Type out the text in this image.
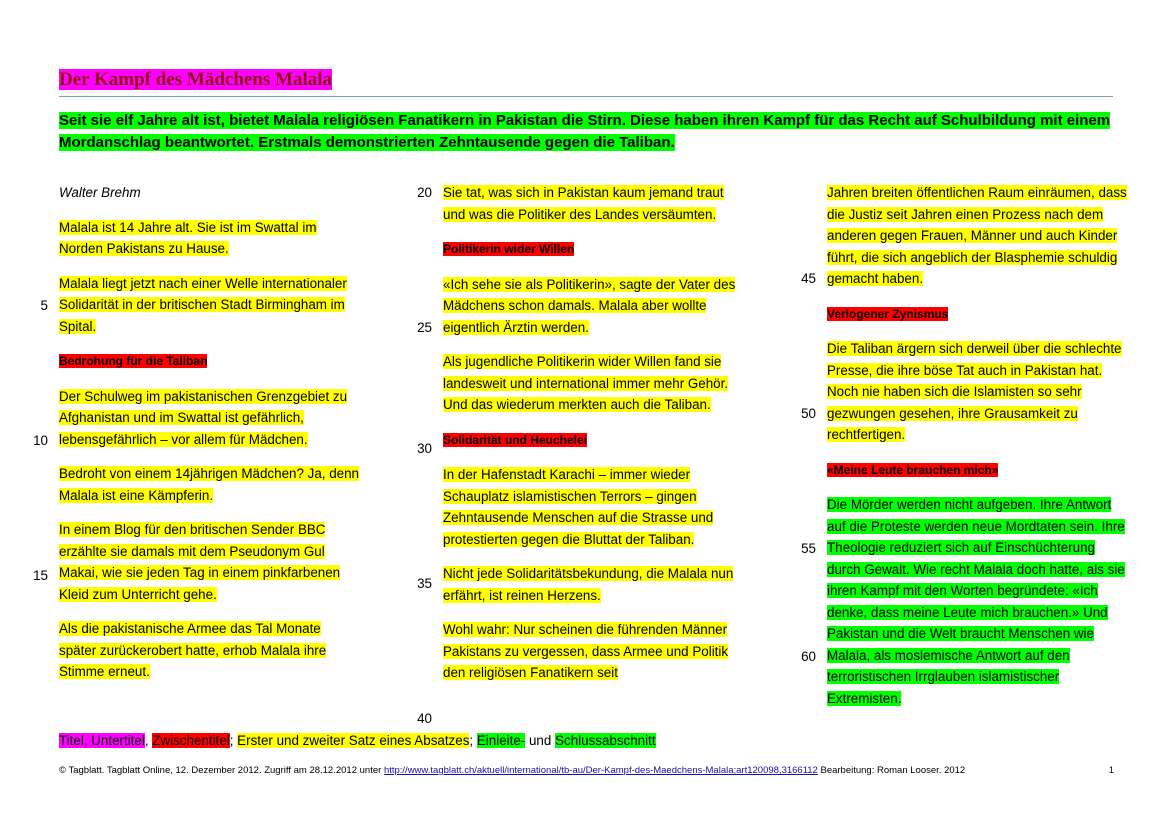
Der Kampf des Mädchens Malala
Seit sie elf Jahre alt ist, bietet Malala religiösen Fanatikern in Pakistan die Stirn. Diese haben ihren Kampf für das Recht auf Schulbildung mit einem Mordanschlag beantwortet. Erstmals demonstrierten Zehntausende gegen die Taliban.

Walter Brehm

Malala ist 14 Jahre alt. Sie ist im Swattal im Norden Pakistans zu Hause.

Malala liegt jetzt nach einer Welle internationaler Solidarität in der britischen Stadt Birmingham im Spital.

Bedrohung für die Taliban

Der Schulweg im pakistanischen Grenzgebiet zu Afghanistan und im Swattal ist gefährlich, lebensgefährlich – vor allem für Mädchen.

Bedroht von einem 14jährigen Mädchen? Ja, denn Malala ist eine Kämpferin.

In einem Blog für den britischen Sender BBC erzählte sie damals mit dem Pseudonym Gul Makai, wie sie jeden Tag in einem pinkfarbenen Kleid zum Unterricht gehe.

Als die pakistanische Armee das Tal Monate später zurückerobert hatte, erhob Malala ihre Stimme erneut.

Sie tat, was sich in Pakistan kaum jemand traut und was die Politiker des Landes versäumten.

Politikerin wider Willen

«Ich sehe sie als Politikerin», sagte der Vater des Mädchens schon damals. Malala aber wollte eigentlich Ärztin werden.

Als jugendliche Politikerin wider Willen fand sie landesweit und international immer mehr Gehör. Und das wiederum merkten auch die Taliban.

Solidarität und Heuchelei

In der Hafenstadt Karachi – immer wieder Schauplatz islamistischen Terrors – gingen Zehntausende Menschen auf die Strasse und protestierten gegen die Bluttat der Taliban.

Nicht jede Solidaritätsbekundung, die Malala nun erfährt, ist reinen Herzens.

Wohl wahr: Nur scheinen die führenden Männer Pakistans zu vergessen, dass Armee und Politik den religiösen Fanatikern seit

Jahren breiten öffentlichen Raum einräumen, dass die Justiz seit Jahren einen Prozess nach dem anderen gegen Frauen, Männer und auch Kinder führt, die sich angeblich der Blasphemie schuldig gemacht haben.

Verlogener Zynismus

Die Taliban ärgern sich derweil über die schlechte Presse, die ihre böse Tat auch in Pakistan hat. Noch nie haben sich die Islamisten so sehr gezwungen gesehen, ihre Grausamkeit zu rechtfertigen.

«Meine Leute brauchen mich»

Die Mörder werden nicht aufgeben. Ihre Antwort auf die Proteste werden neue Mordtaten sein. Ihre Theologie reduziert sich auf Einschüchterung durch Gewalt. Wie recht Malala doch hatte, als sie ihren Kampf mit den Worten begründete: «Ich denke, dass meine Leute mich brauchen.» Und Pakistan und die Welt braucht Menschen wie Malala, als moslemische Antwort auf den terroristischen Irrglauben islamistischer Extremisten.

5
10
15
20
25
30
35
40
45
50
55
60
Titel, Untertitel, Zwischentitel; Erster und zweiter Satz eines Absatzes; Einleite- und Schlussabschnitt
© Tagblatt. Tagblatt Online, 12. Dezember 2012. Zugriff am 28.12.2012 unter http://www.tagblatt.ch/aktuell/international/tb-au/Der-Kampf-des-Maedchens-Malala;art120098,3166112 Bearbeitung: Roman Looser. 2012	1
